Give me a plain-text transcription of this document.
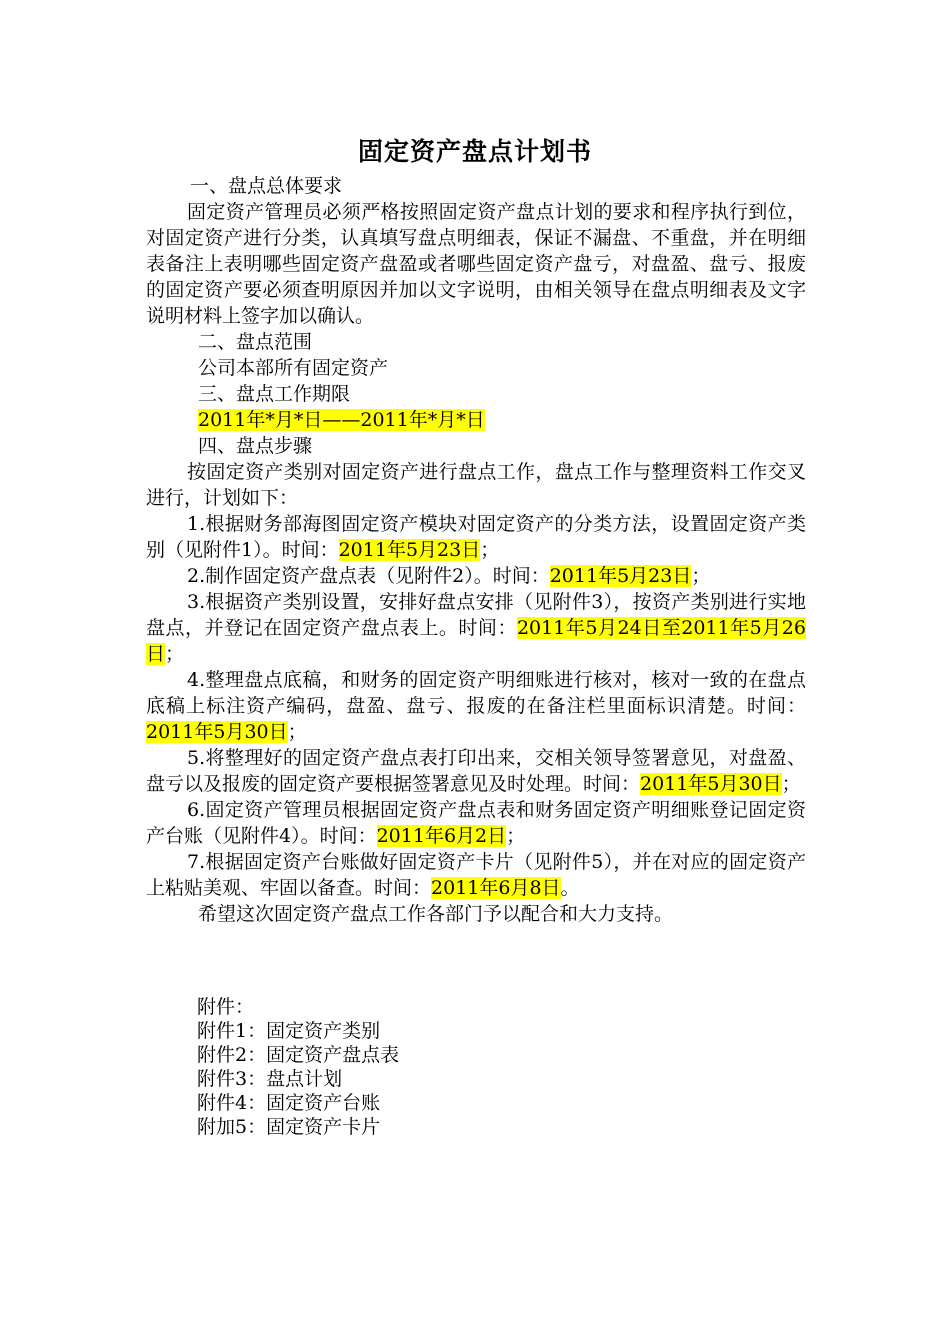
固定资产盘点计划书

一、盘点总体要求

固定资产管理员必须严格按照固定资产盘点计划的要求和程序执行到位，对固定资产进行分类，认真填写盘点明细表，保证不漏盘、不重盘，并在明细表备注上表明哪些固定资产盘盈或者哪些固定资产盘亏，对盘盈、盘亏、报废的固定资产要必须查明原因并加以文字说明，由相关领导在盘点明细表及文字说明材料上签字加以确认。

二、盘点范围

公司本部所有固定资产

三、盘点工作期限

2011年*月*日——2011年*月*日

四、盘点步骤

按固定资产类别对固定资产进行盘点工作，盘点工作与整理资料工作交叉进行，计划如下：

1.根据财务部海图固定资产模块对固定资产的分类方法，设置固定资产类别（见附件1）。时间：2011年5月23日；

2.制作固定资产盘点表（见附件2）。时间：2011年5月23日；

3.根据资产类别设置，安排好盘点安排（见附件3），按资产类别进行实地盘点，并登记在固定资产盘点表上。时间：2011年5月24日至2011年5月26日；

4.整理盘点底稿，和财务的固定资产明细账进行核对，核对一致的在盘点底稿上标注资产编码，盘盈、盘亏、报废的在备注栏里面标识清楚。时间：2011年5月30日；

5.将整理好的固定资产盘点表打印出来，交相关领导签署意见，对盘盈、盘亏以及报废的固定资产要根据签署意见及时处理。时间：2011年5月30日；

6.固定资产管理员根据固定资产盘点表和财务固定资产明细账登记固定资产台账（见附件4）。时间：2011年6月2日；

7.根据固定资产台账做好固定资产卡片（见附件5），并在对应的固定资产上粘贴美观、牢固以备查。时间：2011年6月8日。

希望这次固定资产盘点工作各部门予以配合和大力支持。

附件：

附件1：固定资产类别

附件2：固定资产盘点表

附件3：盘点计划

附件4：固定资产台账

附加5：固定资产卡片
